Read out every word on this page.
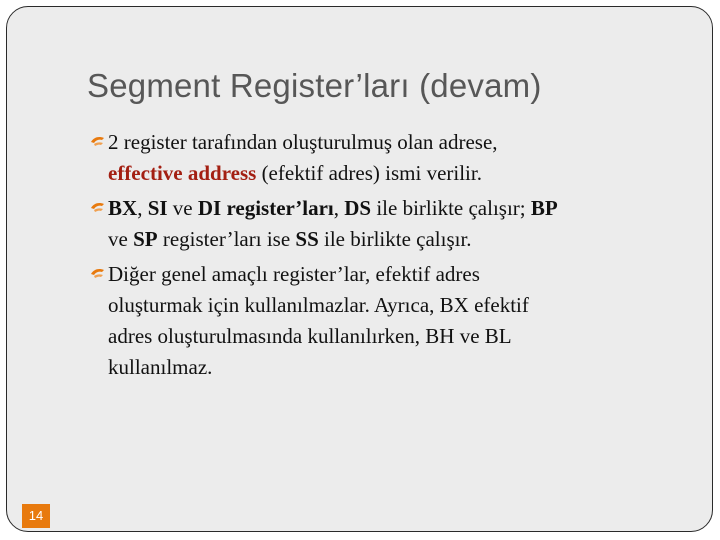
Segment Register’ları (devam)
2 register tarafından oluşturulmuş olan adrese,
effective address (efektif adres) ismi verilir.
BX, SI ve DI register’ları, DS ile birlikte çalışır; BP
ve SP register’ları ise SS ile birlikte çalışır.
Diğer genel amaçlı register’lar, efektif adres
oluşturmak için kullanılmazlar. Ayrıca, BX efektif
adres oluşturulmasında kullanılırken, BH ve BL
kullanılmaz.
14
